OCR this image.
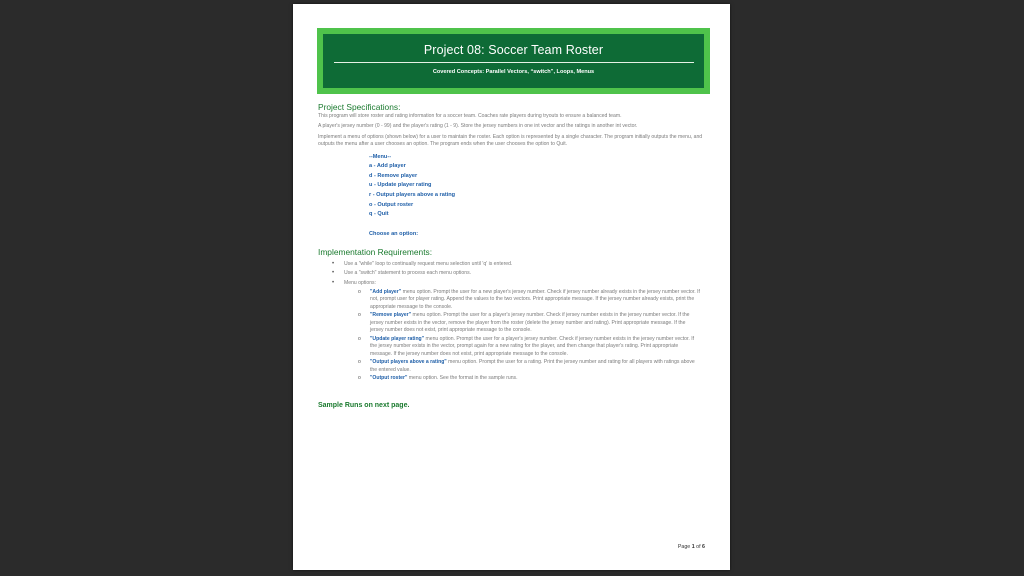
Project 08: Soccer Team Roster
Covered Concepts: Parallel Vectors, “switch”, Loops, Menus

Project Specifications:

This program will store roster and rating information for a soccer team. Coaches rate players during tryouts to ensure a balanced team.

A player's jersey number (0 - 99) and the player's rating (1 - 9). Store the jersey numbers in one int vector and the ratings in another int vector.

Implement a menu of options (shown below) for a user to maintain the roster. Each option is represented by a single character. The program initially outputs the menu, and outputs the menu after a user chooses an option. The program ends when the user chooses the option to Quit.

--Menu--
a - Add player
d - Remove player
u - Update player rating
r - Output players above a rating
o - Output roster
q - Quit
Choose an option:

Implementation Requirements:

• Use a "while" loop to continually request menu selection until 'q' is entered.
• Use a "switch" statement to process each menu options.
• Menu options:
o "Add player" menu option. Prompt the user for a new player's jersey number. Check if jersey number already exists in the jersey number vector. If not, prompt user for player rating. Append the values to the two vectors. Print appropriate message. If the jersey number already exists, print the appropriate message to the console.
o "Remove player" menu option. Prompt the user for a player's jersey number. Check if jersey number exists in the jersey number vector. If the jersey number exists in the vector, remove the player from the roster (delete the jersey number and rating). Print appropriate message. If the jersey number does not exist, print appropriate message to the console.
o "Update player rating" menu option. Prompt the user for a player's jersey number. Check if jersey number exists in the jersey number vector. If the jersey number exists in the vector, prompt again for a new rating for the player, and then change that player's rating. Print appropriate message. If the jersey number does not exist, print appropriate message to the console.
o "Output players above a rating" menu option. Prompt the user for a rating. Print the jersey number and rating for all players with ratings above the entered value.
o "Output roster" menu option. See the format in the sample runs.
Sample Runs on next page.
Page 1 of 6
